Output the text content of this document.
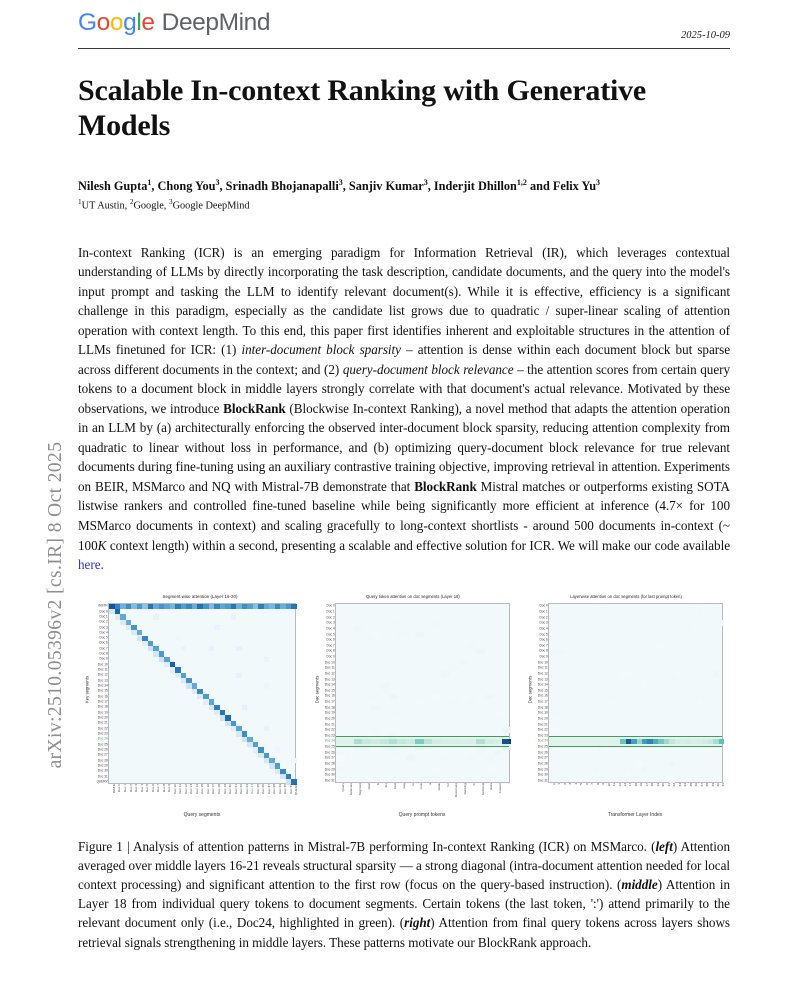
arXiv:2510.05396v2 [cs.IR] 8 Oct 2025
Google DeepMind	2025-10-09
Scalable In-context Ranking with Generative Models
Nilesh Gupta$^1$, Chong You$^3$, Srinadh Bhojanapalli$^3$, Sanjiv Kumar$^3$, Inderjit Dhillon$^{1,2}$ and Felix Yu$^3$
$^1$UT Austin, $^2$Google, $^3$Google DeepMind
In-context Ranking (ICR) is an emerging paradigm for Information Retrieval (IR), which leverages contextual understanding of LLMs by directly incorporating the task description, candidate documents, and the query into the model's input prompt and tasking the LLM to identify relevant document(s). While it is effective, efficiency is a significant challenge in this paradigm, especially as the candidate list grows due to quadratic / super-linear scaling of attention operation with context length. To this end, this paper first identifies inherent and exploitable structures in the attention of LLMs finetuned for ICR: (1) inter-document block sparsity – attention is dense within each document block but sparse across different documents in the context; and (2) query-document block relevance – the attention scores from certain query tokens to a document block in middle layers strongly correlate with that document's actual relevance. Motivated by these observations, we introduce BlockRank (Blockwise In-context Ranking), a novel method that adapts the attention operation in an LLM by (a) architecturally enforcing the observed inter-document block sparsity, reducing attention complexity from quadratic to linear without loss in performance, and (b) optimizing query-document block relevance for true relevant documents during fine-tuning using an auxiliary contrastive training objective, improving retrieval in attention. Experiments on BEIR, MSMarco and NQ with Mistral-7B demonstrate that BlockRank Mistral matches or outperforms existing SOTA listwise rankers and controlled fine-tuned baseline while being significantly more efficient at inference (4.7× for 100 MSMarco documents in context) and scaling gracefully to long-context shortlists - around 500 documents in-context (~ 100K context length) within a second, presenting a scalable and effective solution for ICR. We will make our code available here.
Segment wise attention (Layer 16-20)
Key segments
INSTR
Doc 0
Doc 1
Doc 2
Doc 3
Doc 4
Doc 5
Doc 6
Doc 7
Doc 8
Doc 9
Doc 10
Doc 11
Doc 12
Doc 13
Doc 14
Doc 15
Doc 16
Doc 17
Doc 18
Doc 19
Doc 20
Doc 21
Doc 22
Doc 23
Doc 24
Doc 25
Doc 26
Doc 27
Doc 28
Doc 29
Doc 30
Doc 31
QUERY
INSTR Doc 0 Doc 1 Doc 2 Doc 3 Doc 4 Doc 5 Doc 6 Doc 7 Doc 8 Doc 9 Doc 10 Doc 11 Doc 12 Doc 13 Doc 14 Doc 15 Doc 16 Doc 17 Doc 18 Doc 19 Doc 20 Doc 21 Doc 22 Doc 23 Doc 24 Doc 25 Doc 26 Doc 27 Doc 28 Doc 29 Doc 30 Doc 31 QUERY
Query segments
Query token attention on doc segments (Layer 18)
Doc segments
Doc 0
Doc 1
Doc 2
Doc 3
Doc 4
Doc 5
Doc 6
Doc 7
Doc 8
Doc 9
Doc 10
Doc 11
Doc 12
Doc 13
Doc 14
Doc 15
Doc 16
Doc 17
Doc 18
Doc 19
Doc 20
Doc 21
Doc 22
Doc 23
Doc 24
Doc 25
Doc 26
Doc 27
Doc 28
Doc 29
Doc 30
Doc 31
Query Relevant Segment what is the best way to cook a steak for Document Ranking in Retrieval tasks Answer :
Query prompt tokens
Layerwise attention on doc segments (for last prompt token)
Doc segments
Doc 0
Doc 1
Doc 2
Doc 3
Doc 4
Doc 5
Doc 6
Doc 7
Doc 8
Doc 9
Doc 10
Doc 11
Doc 12
Doc 13
Doc 14
Doc 15
Doc 16
Doc 17
Doc 18
Doc 19
Doc 20
Doc 21
Doc 22
Doc 23
Doc 24
Doc 25
Doc 26
Doc 27
Doc 28
Doc 29
Doc 30
Doc 31
0 1 2 3 4 5 6 7 8 9 10 11 12 13 14 15 16 17 18 19 20 21 22 23 24 25 26 27 28 29 30 31
Transformer Layer Index
Figure 1 | Analysis of attention patterns in Mistral-7B performing In-context Ranking (ICR) on MSMarco. (left) Attention averaged over middle layers 16-21 reveals structural sparsity — a strong diagonal (intra-document attention needed for local context processing) and significant attention to the first row (focus on the query-based instruction). (middle) Attention in Layer 18 from individual query tokens to document segments. Certain tokens (the last token, ':') attend primarily to the relevant document only (i.e., Doc24, highlighted in green). (right) Attention from final query tokens across layers shows retrieval signals strengthening in middle layers. These patterns motivate our BlockRank approach.
